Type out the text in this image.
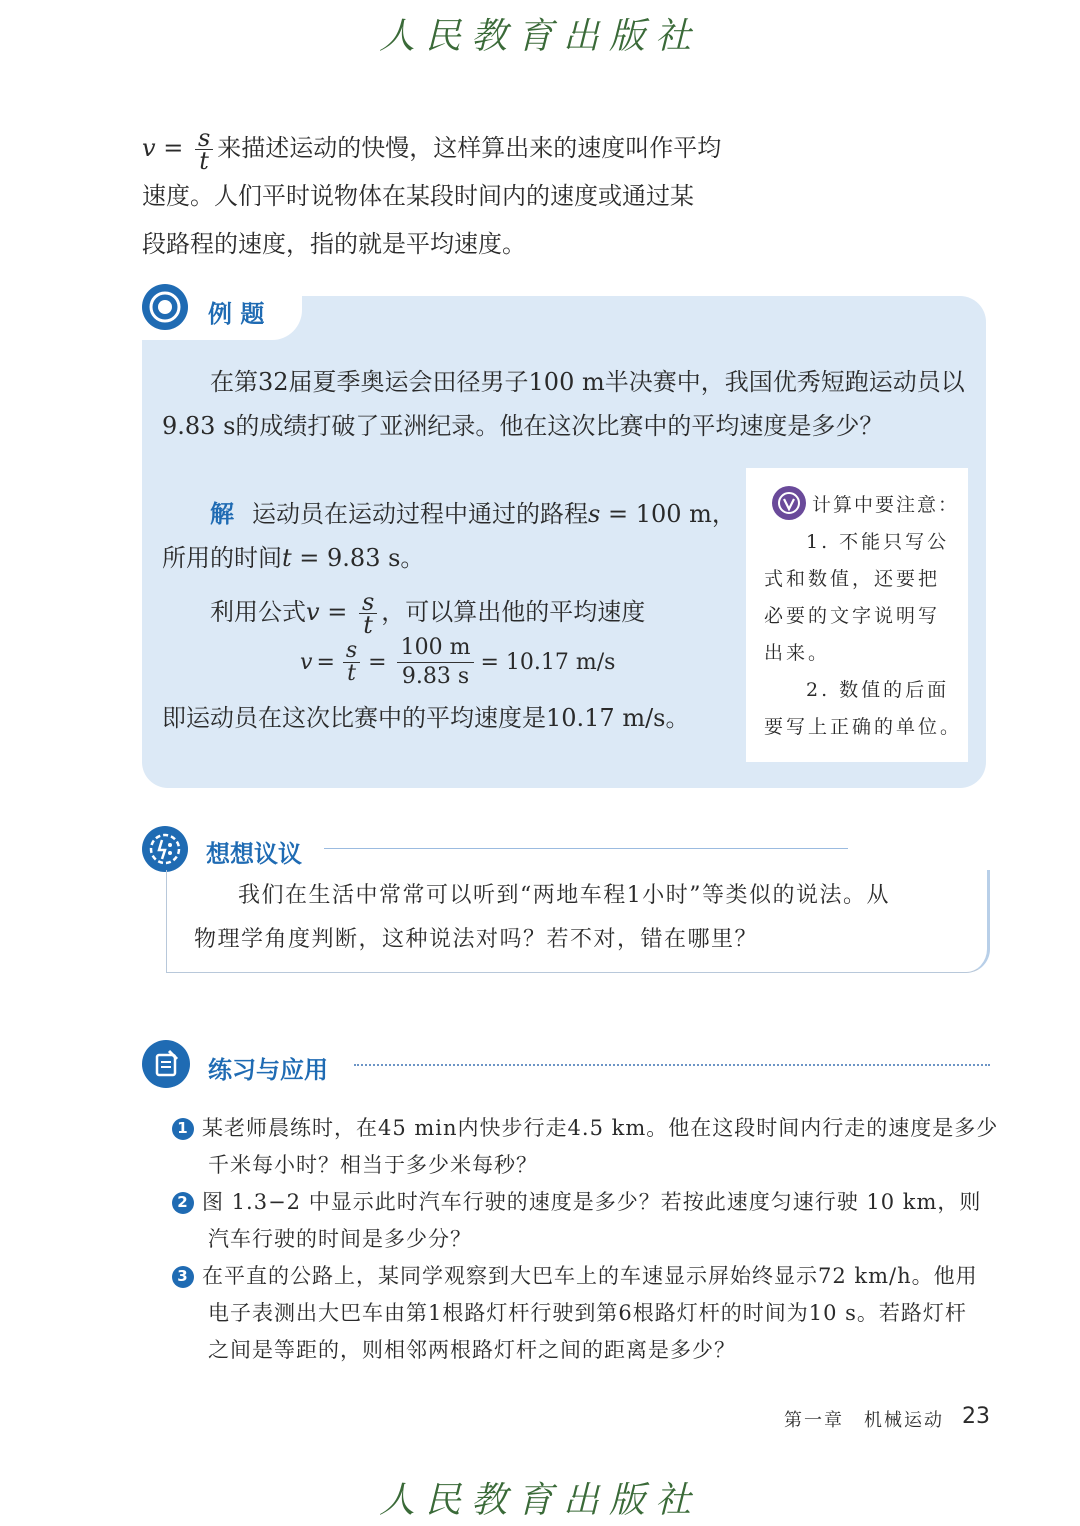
人民教育出版社
$v = \frac{s}{t}$ 来描述运动的快慢，这样算出来的速度叫作平均
速度。人们平时说物体在某段时间内的速度或通过某
段路程的速度，指的就是平均速度。
例 题
在第32届夏季奥运会田径男子100 m半决赛中，我国优秀短跑运动员以
9.83 s的成绩打破了亚洲纪录。他在这次比赛中的平均速度是多少？
解 运动员在运动过程中通过的路程s = 100 m，
所用的时间t = 9.83 s。
利用公式$v = \frac{s}{t}$ ，可以算出他的平均速度
$v = \frac{s}{t} = \frac{100 m}{9.83 s} = 10.17$ m/s
即运动员在这次比赛中的平均速度是10.17 m/s。
计算中要注意：
1. 不能只写公
式和数值，还要把
必要的文字说明写
出来。
2. 数值的后面
要写上正确的单位。
想想议议
我们在生活中常常可以听到“两地车程1小时”等类似的说法。从
物理学角度判断，这种说法对吗？若不对，错在哪里？
练习与应用
1 某老师晨练时，在45 min内快步行走4.5 km。他在这段时间内行走的速度是多少
千米每小时？相当于多少米每秒？
2 图 1.3−2 中显示此时汽车行驶的速度是多少？若按此速度匀速行驶 10 km，则
汽车行驶的时间是多少分？
3 在平直的公路上，某同学观察到大巴车上的车速显示屏始终显示72 km/h。他用
电子表测出大巴车由第1根路灯杆行驶到第6根路灯杆的时间为10 s。若路灯杆
之间是等距的，则相邻两根路灯杆之间的距离是多少？
第一章　机械运动 23
人民教育出版社
